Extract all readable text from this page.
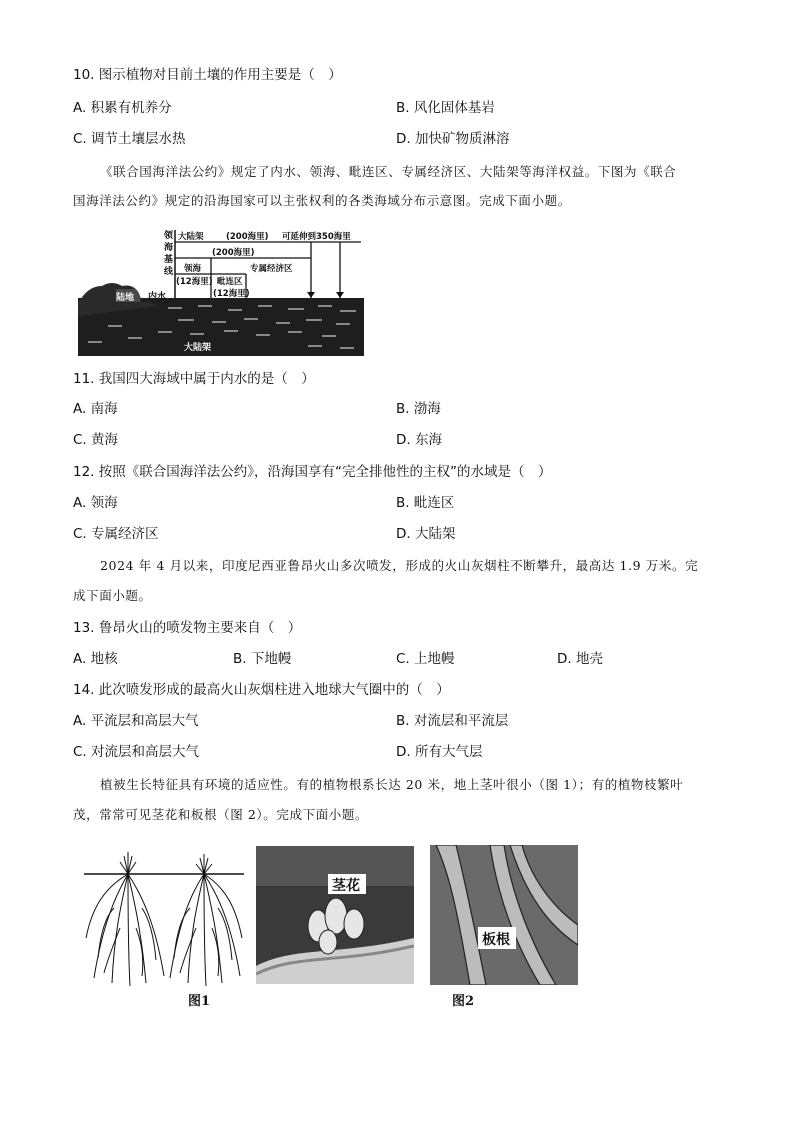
10. 图示植物对目前土壤的作用主要是（　）
A. 积累有机养分	B. 风化固体基岩
C. 调节土壤层水热	D. 加快矿物质淋溶
《联合国海洋法公约》规定了内水、领海、毗连区、专属经济区、大陆架等海洋权益。下图为《联合
国海洋法公约》规定的沿海国家可以主张权利的各类海域分布示意图。完成下面小题。
陆地 内水
领
海
基
线
大陆架	(200海里) 可延伸到350海里
(200海里)
专属经济区
领海
(12海里) 毗连区
(12海里)
大陆架
11. 我国四大海域中属于内水的是（　）
A. 南海	B. 渤海
C. 黄海	D. 东海
12. 按照《联合国海洋法公约》，沿海国享有“完全排他性的主权”的水域是（　）
A. 领海	B. 毗连区
C. 专属经济区	D. 大陆架
2024 年 4 月以来，印度尼西亚鲁昂火山多次喷发，形成的火山灰烟柱不断攀升，最高达 1.9 万米。完
成下面小题。
13. 鲁昂火山的喷发物主要来自（　）
A. 地核	B. 下地幔	C. 上地幔	D. 地壳
14. 此次喷发形成的最高火山灰烟柱进入地球大气圈中的（　）
A. 平流层和高层大气	B. 对流层和平流层
C. 对流层和高层大气	D. 所有大气层
植被生长特征具有环境的适应性。有的植物根系长达 20 米，地上茎叶很小（图 1）；有的植物枝繁叶
茂，常常可见茎花和板根（图 2）。完成下面小题。
图1
茎花
板根
图2
